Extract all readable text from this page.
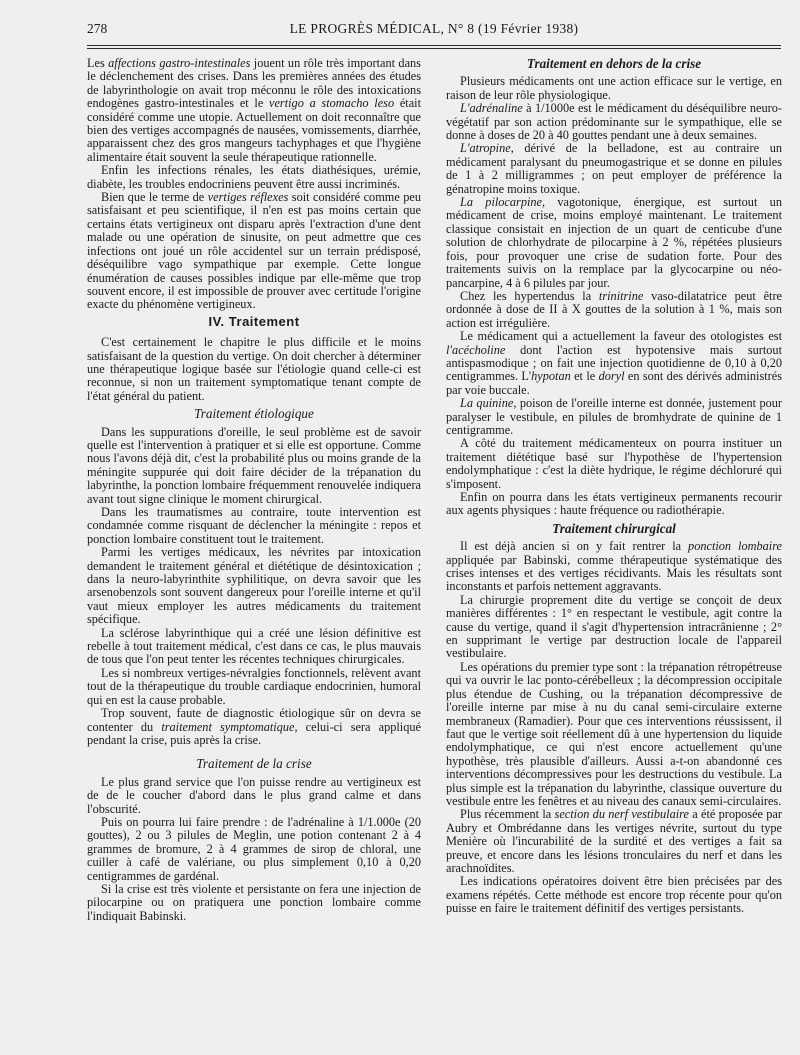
278	LE PROGRÈS MÉDICAL, N° 8 (19 Février 1938)

Les affections gastro-intestinales jouent un rôle très important dans le déclenchement des crises. Dans les premières années des études de labyrinthologie on avait trop méconnu le rôle des intoxications endogènes gastro-intestinales et le vertigo a stomacho leso était considéré comme une utopie. Actuellement on doit reconnaître que bien des vertiges accompagnés de nausées, vomissements, diarrhée, apparaissent chez des gros mangeurs tachyphages et que l'hygiène alimentaire était souvent la seule thérapeutique rationnelle.

Enfin les infections rénales, les états diathésiques, urémie, diabète, les troubles endocriniens peuvent être aussi incriminés.

Bien que le terme de vertiges réflexes soit considéré comme peu satisfaisant et peu scientifique, il n'en est pas moins certain que certains états vertigineux ont disparu après l'extraction d'une dent malade ou une opération de sinusite, on peut admettre que ces infections ont joué un rôle accidentel sur un terrain prédisposé, déséquilibre vago sympathique par exemple. Cette longue énumération de causes possibles indique par elle-même que trop souvent encore, il est impossible de prouver avec certitude l'origine exacte du phénomène vertigineux.

IV. Traitement

C'est certainement le chapitre le plus difficile et le moins satisfaisant de la question du vertige. On doit chercher à déterminer une thérapeutique logique basée sur l'étiologie quand celle-ci est reconnue, si non un traitement symptomatique tenant compte de l'état général du patient.

Traitement étiologique

Dans les suppurations d'oreille, le seul problème est de savoir quelle est l'intervention à pratiquer et si elle est opportune. Comme nous l'avons déjà dit, c'est la probabilité plus ou moins grande de la méningite suppurée qui doit faire décider de la trépanation du labyrinthe, la ponction lombaire fréquemment renouvelée indiquera avant tout signe clinique le moment chirurgical.

Dans les traumatismes au contraire, toute intervention est condamnée comme risquant de déclencher la méningite : repos et ponction lombaire constituent tout le traitement.

Parmi les vertiges médicaux, les névrites par intoxication demandent le traitement général et diététique de désintoxication ; dans la neuro-labyrinthite syphilitique, on devra savoir que les arsenobenzols sont souvent dangereux pour l'oreille interne et qu'il vaut mieux employer les autres médicaments du traitement spécifique.

La sclérose labyrinthique qui a créé une lésion définitive est rebelle à tout traitement médical, c'est dans ce cas, le plus mauvais de tous que l'on peut tenter les récentes techniques chirurgicales.

Les si nombreux vertiges-névralgies fonctionnels, relèvent avant tout de la thérapeutique du trouble cardiaque endocrinien, humoral qui en est la cause probable.

Trop souvent, faute de diagnostic étiologique sûr on devra se contenter du traitement symptomatique, celui-ci sera appliqué pendant la crise, puis après la crise.

Traitement de la crise

Le plus grand service que l'on puisse rendre au vertigineux est de de le coucher d'abord dans le plus grand calme et dans l'obscurité.

Puis on pourra lui faire prendre : de l'adrénaline à 1/1.000e (20 gouttes), 2 ou 3 pilules de Meglin, une potion contenant 2 à 4 grammes de bromure, 2 à 4 grammes de sirop de chloral, une cuiller à café de valériane, ou plus simplement 0,10 à 0,20 centigrammes de gardénal.

Si la crise est très violente et persistante on fera une injection de pilocarpine ou on pratiquera une ponction lombaire comme l'indiquait Babinski.

Traitement en dehors de la crise

Plusieurs médicaments ont une action efficace sur le vertige, en raison de leur rôle physiologique.

L'adrénaline à 1/1000e est le médicament du déséquilibre neuro-végétatif par son action prédominante sur le sympathique, elle se donne à doses de 20 à 40 gouttes pendant une à deux semaines.

L'atropine, dérivé de la belladone, est au contraire un médicament paralysant du pneumogastrique et se donne en pilules de 1 à 2 milligrammes ; on peut employer de préférence la génatropine moins toxique.

La pilocarpine, vagotonique, énergique, est surtout un médicament de crise, moins employé maintenant. Le traitement classique consistait en injection de un quart de centicube d'une solution de chlorhydrate de pilocarpine à 2 %, répétées plusieurs fois, pour provoquer une crise de sudation forte. Pour des traitements suivis on la remplace par la glycocarpine ou néo-pancarpine, 4 à 6 pilules par jour.

Chez les hypertendus la trinitrine vaso-dilatatrice peut être ordonnée à dose de II à X gouttes de la solution à 1 %, mais son action est irrégulière.

Le médicament qui a actuellement la faveur des otologistes est l'acécholine dont l'action est hypotensive mais surtout antispasmodique ; on fait une injection quotidienne de 0,10 à 0,20 centigrammes. L'hypotan et le doryl en sont des dérivés administrés par voie buccale.

La quinine, poison de l'oreille interne est donnée, justement pour paralyser le vestibule, en pilules de bromhydrate de quinine de 1 centigramme.

A côté du traitement médicamenteux on pourra instituer un traitement diététique basé sur l'hypothèse de l'hypertension endolymphatique : c'est la diète hydrique, le régime déchloruré qui s'imposent.

Enfin on pourra dans les états vertigineux permanents recourir aux agents physiques : haute fréquence ou radiothérapie.

Traitement chirurgical

Il est déjà ancien si on y fait rentrer la ponction lombaire appliquée par Babinski, comme thérapeutique systématique des crises intenses et des vertiges récidivants. Mais les résultats sont inconstants et parfois nettement aggravants.

La chirurgie proprement dite du vertige se conçoit de deux manières différentes : 1° en respectant le vestibule, agit contre la cause du vertige, quand il s'agit d'hypertension intracrânienne ; 2° en supprimant le vertige par destruction locale de l'appareil vestibulaire.

Les opérations du premier type sont : la trépanation rétropétreuse qui va ouvrir le lac ponto-cérébelleux ; la décompression occipitale plus étendue de Cushing, ou la trépanation décompressive de l'oreille interne par mise à nu du canal semi-circulaire externe membraneux (Ramadier). Pour que ces interventions réussissent, il faut que le vertige soit réellement dû à une hypertension du liquide endolymphatique, ce qui n'est encore actuellement qu'une hypothèse, très plausible d'ailleurs. Aussi a-t-on abandonné ces interventions décompressives pour les destructions du vestibule. La plus simple est la trépanation du labyrinthe, classique ouverture du vestibule entre les fenêtres et au niveau des canaux semi-circulaires.

Plus récemment la section du nerf vestibulaire a été proposée par Aubry et Ombrédanne dans les vertiges névrite, surtout du type Menière où l'incurabilité de la surdité et des vertiges a fait sa preuve, et encore dans les lésions tronculaires du nerf et dans les arachnoïdites.

Les indications opératoires doivent être bien précisées par des examens répétés. Cette méthode est encore trop récente pour qu'on puisse en faire le traitement définitif des vertiges persistants.
